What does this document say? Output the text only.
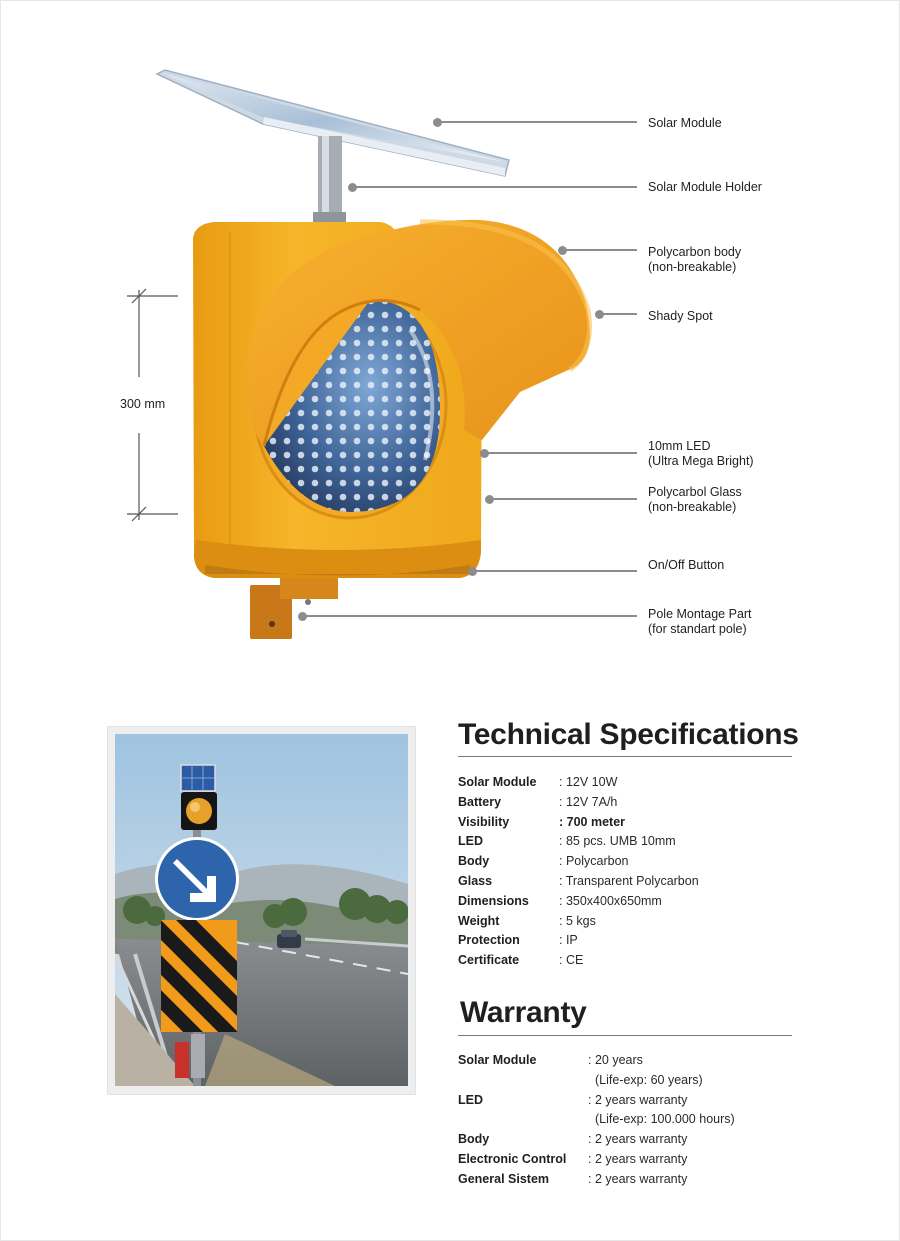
300 mm
Solar Module
Solar Module Holder
Polycarbon body
(non-breakable)
Shady Spot
10mm LED
(Ultra Mega Bright)
Polycarbol Glass
(non-breakable)
On/Off Button
Pole Montage Part
(for standart pole)
Technical Specifications
Solar Module : 12V 10W
Battery	: 12V 7A/h
Visibility	: 700 meter
LED	: 85 pcs. UMB 10mm
Body	: Polycarbon
Glass	: Transparent Polycarbon
Dimensions : 350x400x650mm
Weight	: 5 kgs
Protection	: IP
Certificate	: CE
Warranty
Solar Module	: 20 years
(Life-exp: 60 years)
LED	: 2 years warranty
(Life-exp: 100.000 hours)
Body	: 2 years warranty
Electronic Control : 2 years warranty
General Sistem	: 2 years warranty
